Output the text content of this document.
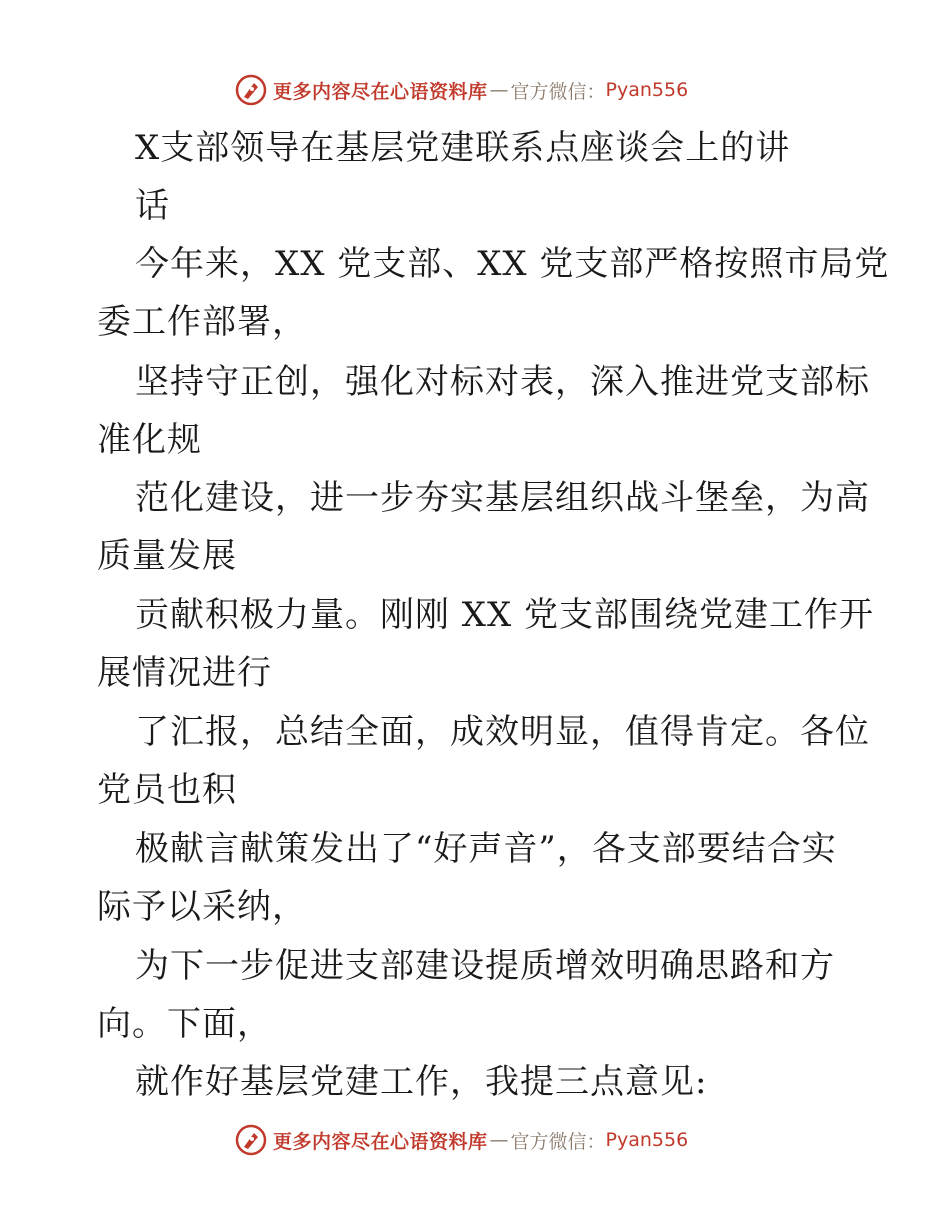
更多内容尽在心语资料库 — 官方微信： Pyan556
X支部领导在基层党建联系点座谈会上的讲
话
今年来，XX 党支部、XX 党支部严格按照市局党
委工作部署，
坚持守正创，强化对标对表，深入推进党支部标
准化规
范化建设，进一步夯实基层组织战斗堡垒，为高
质量发展
贡献积极力量。刚刚 XX 党支部围绕党建工作开
展情况进行
了汇报，总结全面，成效明显，值得肯定。各位
党员也积
极献言献策发出了“好声音”，各支部要结合实
际予以采纳，
为下一步促进支部建设提质增效明确思路和方
向。下面，
就作好基层党建工作，我提三点意见:
更多内容尽在心语资料库 — 官方微信： Pyan556
